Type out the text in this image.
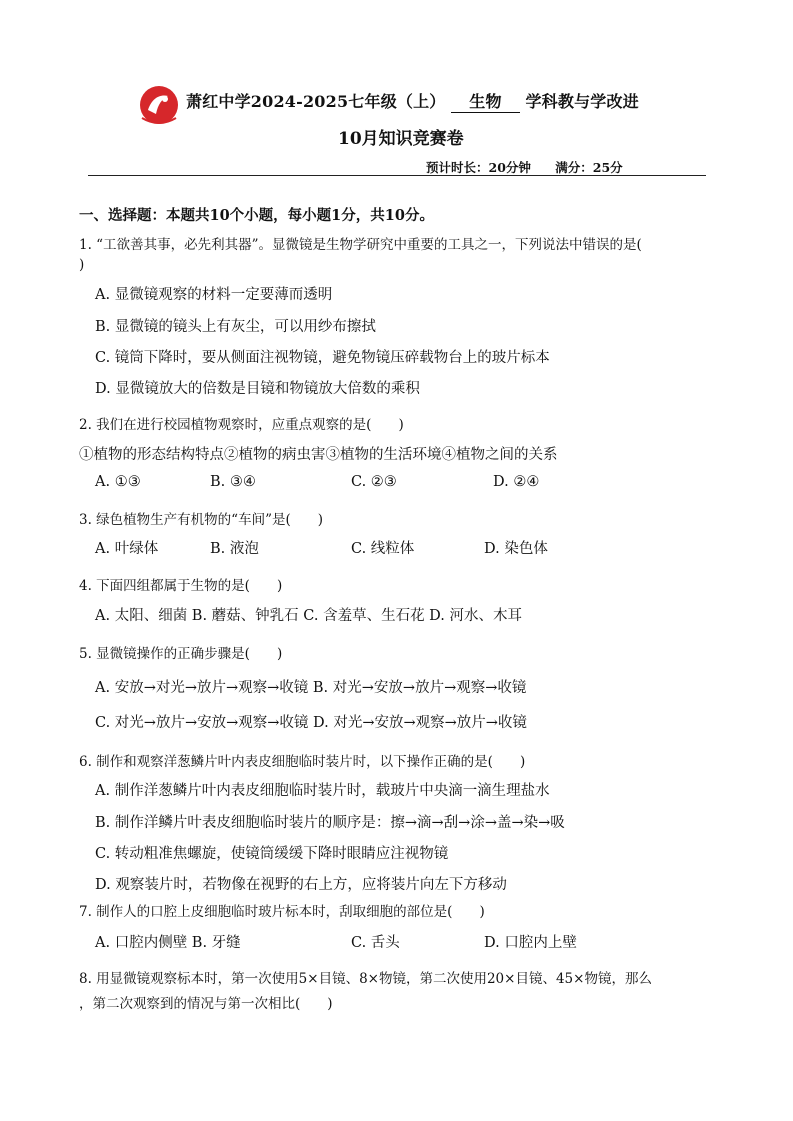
萧红中学2024-2025七年级（上） 生物 学科教与学改进
10月知识竞赛卷
预计时长：20分钟 满分：25分
一、选择题：本题共10个小题，每小题1分，共10分。
1. “工欲善其事，必先利其器”。显微镜是生物学研究中重要的工具之一，下列说法中错误的是(
)
A. 显微镜观察的材料一定要薄而透明
B. 显微镜的镜头上有灰尘，可以用纱布擦拭
C. 镜筒下降时，要从侧面注视物镜，避免物镜压碎载物台上的玻片标本
D. 显微镜放大的倍数是目镜和物镜放大倍数的乘积
2. 我们在进行校园植物观察时，应重点观察的是(　　)
①植物的形态结构特点②植物的病虫害③植物的生活环境④植物之间的关系
A. ①③	B. ③④	C. ②③	D. ②④
3. 绿色植物生产有机物的“车间”是(　　)
A. 叶绿体	B. 液泡	C. 线粒体	D. 染色体
4. 下面四组都属于生物的是(　　)
A. 太阳、细菌 B. 蘑菇、钟乳石 C. 含羞草、生石花 D. 河水、木耳
5. 显微镜操作的正确步骤是(　　)
A. 安放→对光→放片→观察→收镜 B. 对光→安放→放片→观察→收镜
C. 对光→放片→安放→观察→收镜 D. 对光→安放→观察→放片→收镜
6. 制作和观察洋葱鳞片叶内表皮细胞临时装片时，以下操作正确的是(　　)
A. 制作洋葱鳞片叶内表皮细胞临时装片时，载玻片中央滴一滴生理盐水
B. 制作洋鳞片叶表皮细胞临时装片的顺序是：擦→滴→刮→涂→盖→染→吸
C. 转动粗准焦螺旋，使镜筒缓缓下降时眼睛应注视物镜
D. 观察装片时，若物像在视野的右上方，应将装片向左下方移动
7. 制作人的口腔上皮细胞临时玻片标本时，刮取细胞的部位是(　　)
A. 口腔内侧壁 B. 牙缝	C. 舌头	D. 口腔内上壁
8. 用显微镜观察标本时，第一次使用5×目镜、8×物镜，第二次使用20×目镜、45×物镜，那么
，第二次观察到的情况与第一次相比(　　)
